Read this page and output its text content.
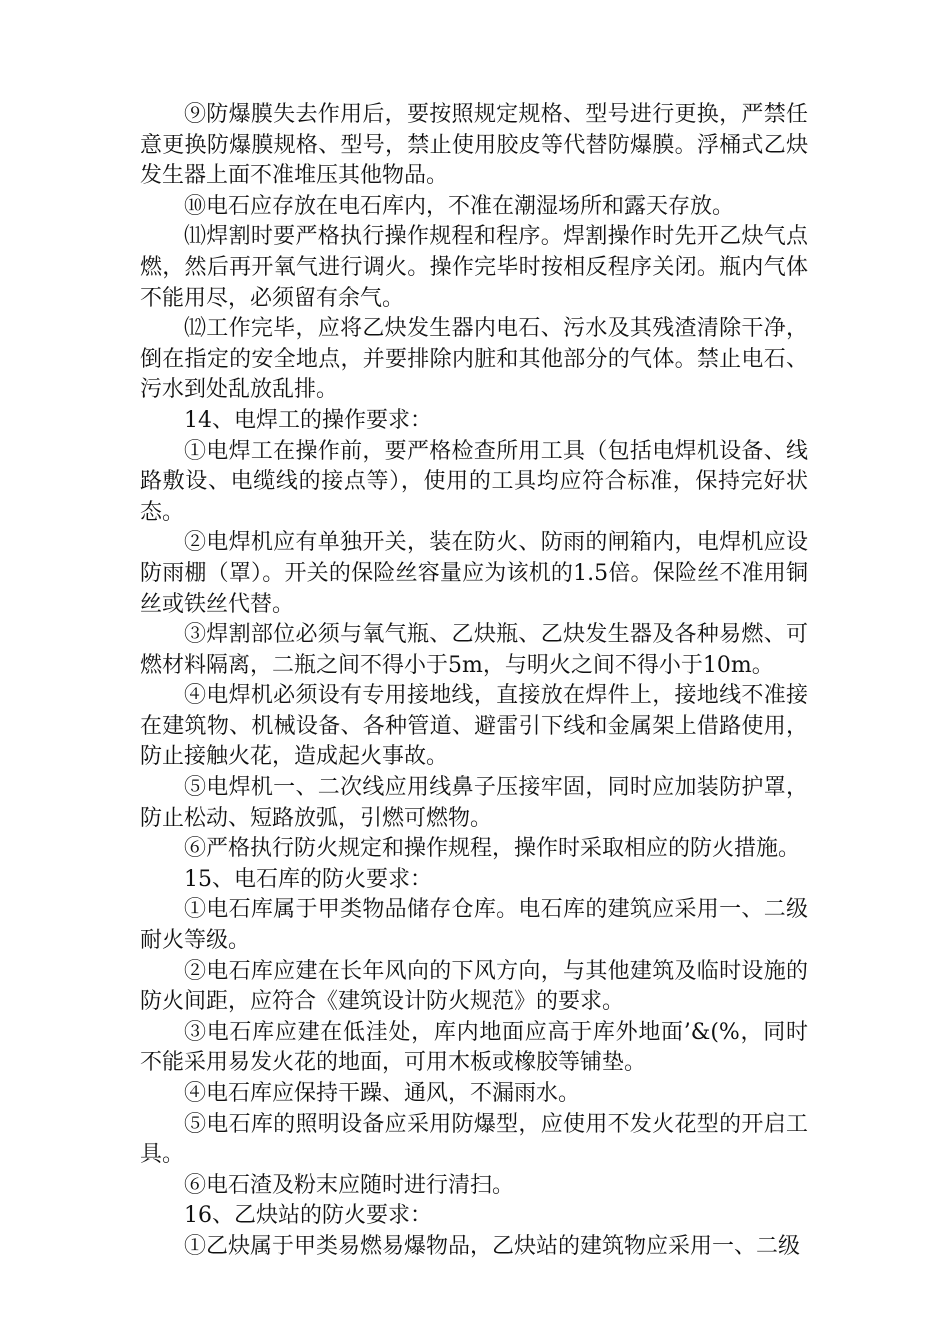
⑨防爆膜失去作用后，要按照规定规格、型号进行更换，严禁任意更换防爆膜规格、型号，禁止使用胶皮等代替防爆膜。浮桶式乙炔发生器上面不准堆压其他物品。

⑩电石应存放在电石库内，不准在潮湿场所和露天存放。

⑾焊割时要严格执行操作规程和程序。焊割操作时先开乙炔气点燃，然后再开氧气进行调火。操作完毕时按相反程序关闭。瓶内气体不能用尽，必须留有余气。

⑿工作完毕，应将乙炔发生器内电石、污水及其残渣清除干净，倒在指定的安全地点，并要排除内脏和其他部分的气体。禁止电石、污水到处乱放乱排。

14、电焊工的操作要求：

①电焊工在操作前，要严格检查所用工具（包括电焊机设备、线路敷设、电缆线的接点等），使用的工具均应符合标准，保持完好状态。

②电焊机应有单独开关，装在防火、防雨的闸箱内，电焊机应设防雨棚（罩）。开关的保险丝容量应为该机的1.5倍。保险丝不准用铜丝或铁丝代替。

③焊割部位必须与氧气瓶、乙炔瓶、乙炔发生器及各种易燃、可燃材料隔离，二瓶之间不得小于5m，与明火之间不得小于10m。

④电焊机必须设有专用接地线，直接放在焊件上，接地线不准接在建筑物、机械设备、各种管道、避雷引下线和金属架上借路使用，防止接触火花，造成起火事故。

⑤电焊机一、二次线应用线鼻子压接牢固，同时应加装防护罩，防止松动、短路放弧，引燃可燃物。

⑥严格执行防火规定和操作规程，操作时采取相应的防火措施。

15、电石库的防火要求：

①电石库属于甲类物品储存仓库。电石库的建筑应采用一、二级耐火等级。

②电石库应建在长年风向的下风方向，与其他建筑及临时设施的防火间距，应符合《建筑设计防火规范》的要求。

③电石库应建在低洼处，库内地面应高于库外地面’&(%，同时不能采用易发火花的地面，可用木板或橡胶等铺垫。

④电石库应保持干躁、通风，不漏雨水。

⑤电石库的照明设备应采用防爆型，应使用不发火花型的开启工具。

⑥电石渣及粉末应随时进行清扫。

16、乙炔站的防火要求：

①乙炔属于甲类易燃易爆物品，乙炔站的建筑物应采用一、二级
